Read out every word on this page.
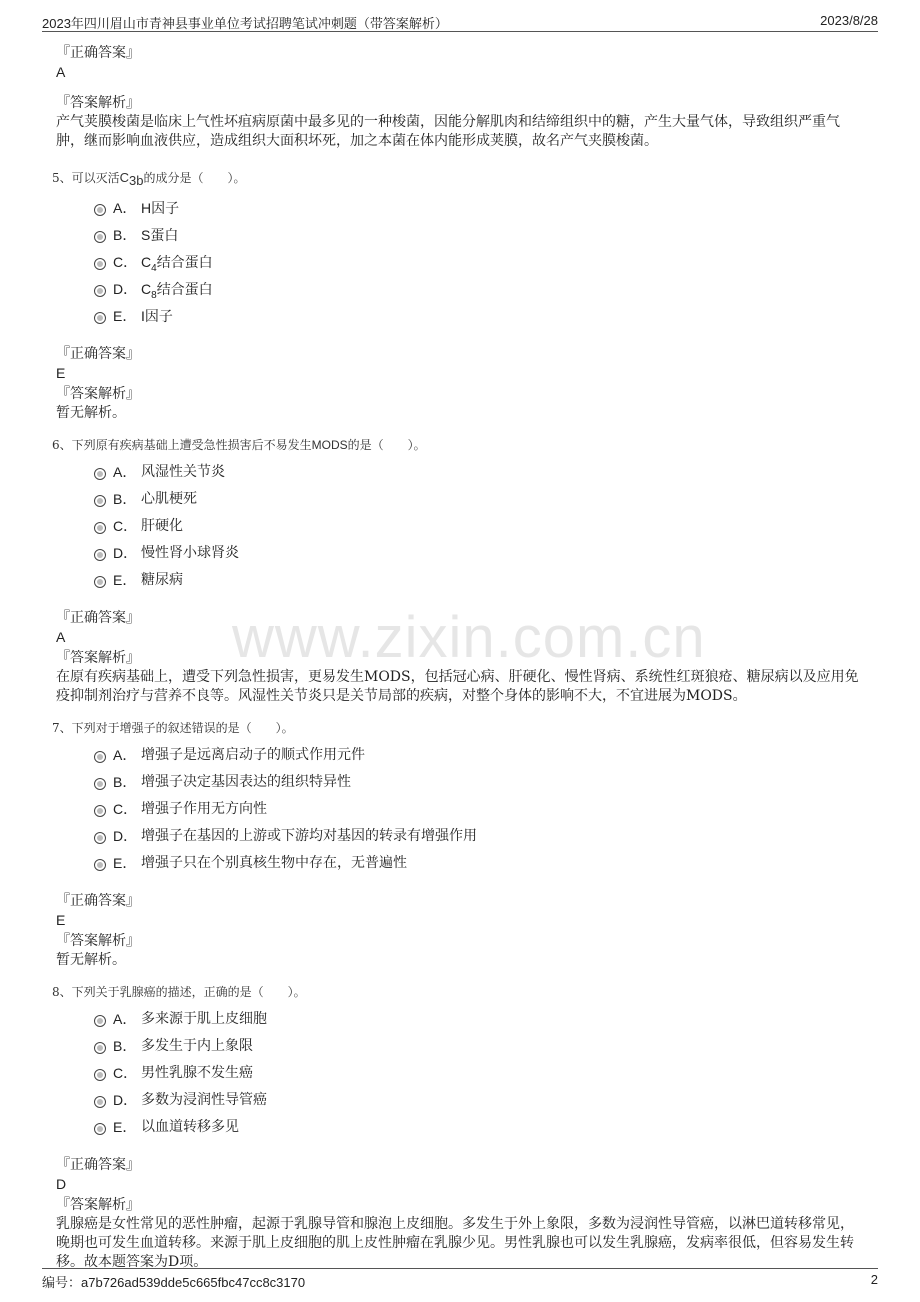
2023年四川眉山市青神县事业单位考试招聘笔试冲刺题（带答案解析）	2023/8/28
www.zixin.com.cn
『正确答案』
A
『答案解析』
产气荚膜梭菌是临床上气性坏疽病原菌中最多见的一种梭菌，因能分解肌肉和结缔组织中的糖，产生大量气体，导致组织严重气肿，继而影响血液供应，造成组织大面积坏死，加之本菌在体内能形成荚膜，故名产气夹膜梭菌。
5、可以灭活C3b的成分是（　　）。
A． H因子
B． S蛋白
C． $C_4$结合蛋白
D． $C_8$结合蛋白
E． I因子
『正确答案』
E
『答案解析』
暂无解析。
6、下列原有疾病基础上遭受急性损害后不易发生MODS的是（　　）。
A． 风湿性关节炎
B． 心肌梗死
C． 肝硬化
D． 慢性肾小球肾炎
E． 糖尿病
『正确答案』
A
『答案解析』
在原有疾病基础上，遭受下列急性损害，更易发生MODS，包括冠心病、肝硬化、慢性肾病、系统性红斑狼疮、糖尿病以及应用免疫抑制剂治疗与营养不良等。风湿性关节炎只是关节局部的疾病，对整个身体的影响不大，不宜进展为MODS。
7、下列对于增强子的叙述错误的是（　　）。
A． 增强子是远离启动子的顺式作用元件
B． 增强子决定基因表达的组织特异性
C． 增强子作用无方向性
D． 增强子在基因的上游或下游均对基因的转录有增强作用
E． 增强子只在个别真核生物中存在，无普遍性
『正确答案』
E
『答案解析』
暂无解析。
8、下列关于乳腺癌的描述，正确的是（　　）。
A． 多来源于肌上皮细胞
B． 多发生于内上象限
C． 男性乳腺不发生癌
D． 多数为浸润性导管癌
E． 以血道转移多见
『正确答案』
D
『答案解析』
乳腺癌是女性常见的恶性肿瘤，起源于乳腺导管和腺泡上皮细胞。多发生于外上象限，多数为浸润性导管癌，以淋巴道转移常见，晚期也可发生血道转移。来源于肌上皮细胞的肌上皮性肿瘤在乳腺少见。男性乳腺也可以发生乳腺癌，发病率很低，但容易发生转移。故本题答案为D项。
编号：a7b726ad539dde5c665fbc47cc8c3170	2
